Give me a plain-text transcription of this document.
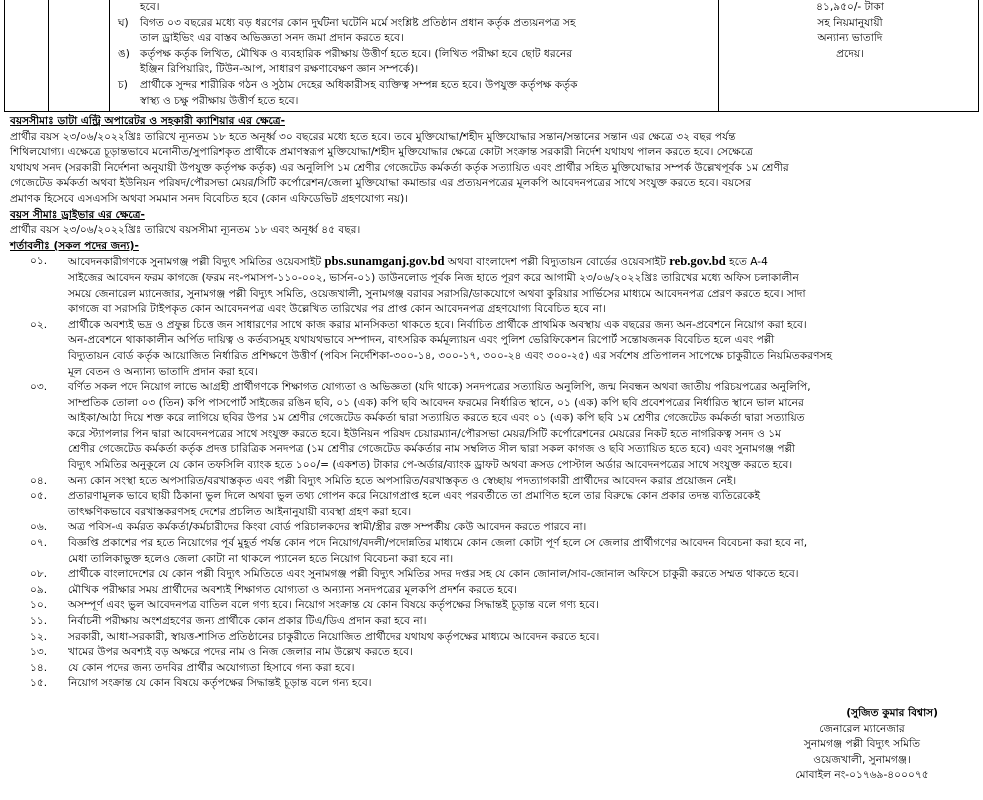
হবে।
ঘ) বিগত ০৩ বছরের মধ্যে বড় ধরণের কোন দুর্ঘটনা ঘটেনি মর্মে সংশ্লিষ্ট প্রতিষ্ঠান প্রধান কর্তৃক প্রত্যয়নপত্র সহ
তাল ড্রাইভিং এর বাস্তব অভিজ্ঞতা সনদ জমা প্রদান করতে হবে।
ঙ) কর্তৃপক্ষ কর্তৃক লিখিত, মৌখিক ও ব্যবহারিক পরীক্ষায় উত্তীর্ণ হতে হবে। (লিখিত পরীক্ষা হবে ছোট ধরনের
ইঞ্জিন রিপিয়ারিং, টিউন-আপ, সাধারণ রক্ষণাবেক্ষণ জ্ঞান সম্পর্কে)।
চ) প্রার্থীকে সুন্দর শারীরিক গঠন ও সুঠাম দেহের অধিকারীসহ ব্যক্তিত্ব সম্পন্ন হতে হবে। উপযুক্ত কর্তৃপক্ষ কর্তৃক
স্বাস্থ্য ও চক্ষু পরীক্ষায় উত্তীর্ণ হতে হবে।
৪১,৯৫০/- টাকা
সহ নিয়মানুযায়ী
অন্যান্য ভাতাদি
প্রদেয়।
বয়সসীমাঃ ডাটা এন্ট্রি অপারেটর ও সহকারী ক্যাশিয়ার এর ক্ষেত্রে-
প্রার্থীর বয়স ২৩/০৬/২০২২খ্রিঃ তারিখে ন্যূনতম ১৮ হতে অনূর্ধ্ব ৩০ বছরের মধ্যে হতে হবে। তবে মুক্তিযোদ্ধা/শহীদ মুক্তিযোদ্ধার সন্তান/সন্তানের সন্তান এর ক্ষেত্রে ৩২ বছর পর্যন্ত
শিথিলযোগ্য। এক্ষেত্রে চূড়ান্তভাবে মনোনীত/সুপারিশকৃত প্রার্থীকে প্রমাণস্বরূপ মুক্তিযোদ্ধা/শহীদ মুক্তিযোদ্ধার ক্ষেত্রে কোটা সংক্রান্ত সরকারী নির্দেশ যথাযথ পালন করতে হবে। সেক্ষেত্রে
যথাযথ সনদ (সরকারী নির্দেশনা অনুযায়ী উপযুক্ত কর্তৃপক্ষ কর্তৃক) এর অনুলিপি ১ম শ্রেণীর গেজেটেড কর্মকর্তা কর্তৃক সত্যায়িত এবং প্রার্থীর সহিত মুক্তিযোদ্ধার সম্পর্ক উল্লেখপূর্বক ১ম শ্রেণীর
গেজেটেড কর্মকর্তা অথবা ইউনিয়ন পরিষদ/পৌরসভা মেয়র/সিটি কর্পোরেশন/জেলা মুক্তিযোদ্ধা কমান্ডার এর প্রত্যয়নপত্রের মূলকপি আবেদনপত্রের সাথে সংযুক্ত করতে হবে। বয়সের
প্রমাণক হিসেবে এসএসসি অথবা সমমান সনদ বিবেচিত হবে (কোন এফিডেভিট গ্রহণযোগ্য নয়)।
বয়স সীমাঃ ড্রাইভার এর ক্ষেত্রে-
প্রার্থীর বয়স ২৩/০৬/২০২২খ্রিঃ তারিখে বয়সসীমা ন্যূনতম ১৮ এবং অনূর্ধ্ব ৪৫ বছর।
শর্তাবলীঃ (সকল পদের জন্য)-
০১. আবেদনকারীগণকে সুনামগঞ্জ পল্লী বিদ্যুৎ সমিতির ওয়েবসাইট pbs.sunamganj.gov.bd অথবা বাংলাদেশ পল্লী বিদ্যুতায়ন বোর্ডের ওয়েবসাইট reb.gov.bd হতে A-4
সাইজের আবেদন ফরম কাগজে (ফরম নং-পমাসপ-১১০-০০২, ভার্সন-০১) ডাউনলোড পূর্বক নিজ হাতে পূরণ করে আগামী ২৩/০৬/২০২২খ্রিঃ তারিখের মধ্যে অফিস চলাকালীন
সময়ে জেনারেল ম্যানেজার, সুনামগঞ্জ পল্লী বিদ্যুৎ সমিতি, ওয়েজখালী, সুনামগঞ্জ বরাবর সরাসরি/ডাকযোগে অথবা কুরিয়ার সার্ভিসের মাধ্যমে আবেদনপত্র প্রেরণ করতে হবে। সাদা
কাগজে বা সরাসরি টাইপকৃত কোন আবেদনপত্র এবং উল্লেখিত তারিখের পর প্রাপ্ত কোন আবেদনপত্র গ্রহণযোগ্য বিবেচিত হবে না।
০২. প্রার্থীকে অবশ্যই ভদ্র ও প্রফুল্ল চিত্তে জন সাধারণের সাথে কাজ করার মানসিকতা থাকতে হবে। নির্বাচিত প্রার্থীকে প্রাথমিক অবস্থায় এক বছরের জন্য অন-প্রবেশনে নিয়োগ করা হবে।
অন-প্রবেশনে থাকাকালীন অর্পিত দায়িত্ব ও কর্তব্যসমূহ যথাযথভাবে সম্পাদন, বাৎসরিক কর্মমূল্যায়ন এবং পুলিশ ভেরিফিকেশন রিপোর্ট সন্তোষজনক বিবেচিত হলে এবং পল্লী
বিদ্যুতায়ন বোর্ড কর্তৃক আয়োজিত নির্ধারিত প্রশিক্ষণে উত্তীর্ণ (পবিস নির্দেশিকা-৩০০-১৪, ৩০০-১৭, ৩০০-২৪ এবং ৩০০-২৫) এর সর্বশেষ প্রতিপালন সাপেক্ষে চাকুরীতে নিয়মিতকরণসহ
মূল বেতন ও অন্যান্য ভাতাদি প্রদান করা হবে।
০৩. বর্ণিত সকল পদে নিয়োগ লাভে আগ্রহী প্রার্থীগণকে শিক্ষাগত যোগ্যতা ও অভিজ্ঞতা (যদি থাকে) সনদপত্রের সত্যায়িত অনুলিপি, জন্ম নিবন্ধন অথবা জাতীয় পরিচয়পত্রের অনুলিপি,
সাম্প্রতিক তোলা ০৩ (তিন) কপি পাসপোর্ট সাইজের রঙিন ছবি, ০১ (এক) কপি ছবি আবেদন ফরমের নির্ধারিত স্থানে, ০১ (এক) কপি ছবি প্রবেশপত্রের নির্ধারিত স্থানে ভাল মানের
আইকা/আঠা দিয়ে শক্ত করে লাগিয়ে ছবির উপর ১ম শ্রেণীর গেজেটেড কর্মকর্তা দ্বারা সত্যায়িত করতে হবে এবং ০১ (এক) কপি ছবি ১ম শ্রেণীর গেজেটেড কর্মকর্তা দ্বারা সত্যায়িত
করে স্ট্যাপলার পিন দ্বারা আবেদনপত্রের সাথে সংযুক্ত করতে হবে। ইউনিয়ন পরিষদ চেয়ারম্যান/পৌরসভা মেয়র/সিটি কর্পোরেশনের মেয়রের নিকট হতে নাগরিকত্ব সনদ ও ১ম
শ্রেণীর গেজেটেড কর্মকর্তা কর্তৃক প্রদত্ত চারিত্রিক সনদপত্র (১ম শ্রেণীর গেজেটেড কর্মকর্তার নাম সম্বলিত সীল দ্বারা সকল কাগজ ও ছবি সত্যায়িত হতে হবে) এবং সুনামগঞ্জ পল্লী
বিদ্যুৎ সমিতির অনুকূলে যে কোন তফসিলি ব্যাংক হতে ১০০/= (একশত) টাকার পে-অর্ডার/ব্যাংক ড্রাফট অথবা ক্রসড পোস্টাল অর্ডার আবেদনপত্রের সাথে সংযুক্ত করতে হবে।
০৪. অন্য কোন সংস্থা হতে অপসারিত/বরখাস্তকৃত এবং পল্লী বিদ্যুৎ সমিতি হতে অপসারিত/বরখাস্তকৃত ও স্বেচ্ছায় পদত্যাগকারী প্রার্থীদের আবেদন করার প্রয়োজন নেই।
০৫. প্রতারণামূলক ভাবে ছায়ী ঠিকানা ভুল দিলে অথবা ভুল তথ্য গোপন করে নিয়োগপ্রাপ্ত হলে এবং পরবর্তীতে তা প্রমাণিত হলে তার বিরুদ্ধে কোন প্রকার তদন্ত ব্যতিরেকেই
তাৎক্ষণিকভাবে বরখাস্তকরণসহ দেশের প্রচলিত আইনানুযায়ী ব্যবস্থা গ্রহণ করা হবে।
০৬. অত্র পবিস-এ কর্মরত কর্মকর্তা/কর্মচারীদের কিংবা বোর্ড পরিচালকদের স্বামী/স্ত্রীর রক্ত সম্পর্কীয় কেউ আবেদন করতে পারবে না।
০৭. বিজ্ঞপ্তি প্রকাশের পর হতে নিয়োগের পূর্ব মুহূর্ত পর্যন্ত কোন পদে নিয়োগ/বদলী/পদোন্নতির মাধ্যমে কোন জেলা কোটা পূর্ণ হলে সে জেলার প্রার্থীগণের আবেদন বিবেচনা করা হবে না,
মেধা তালিকাভুক্ত হলেও জেলা কোটা না থাকলে প্যানেল হতে নিয়োগ বিবেচনা করা হবে না।
০৮. প্রার্থীকে বাংলাদেশের যে কোন পল্লী বিদ্যুৎ সমিতিতে এবং সুনামগঞ্জ পল্লী বিদ্যুৎ সমিতির সদর দপ্তর সহ যে কোন জোনাল/সাব-জোনাল অফিসে চাকুরী করতে সম্মত থাকতে হবে।
০৯. মৌখিক পরীক্ষার সময় প্রার্থীদের অবশ্যই শিক্ষাগত যোগ্যতা ও অন্যান্য সনদপত্রের মূলকপি প্রদর্শন করতে হবে।
১০. অসম্পূর্ণ এবং ভুল আবেদনপত্র বাতিল বলে গণ্য হবে। নিয়োগ সংক্রান্ত যে কোন বিষয়ে কর্তৃপক্ষের সিদ্ধান্তই চূড়ান্ত বলে গণ্য হবে।
১১. নির্বাচনী পরীক্ষায় অংশগ্রহণের জন্য প্রার্থীকে কোন প্রকার টিএ/ডিএ প্রদান করা হবে না।
১২. সরকারী, আধা-সরকারী, স্বায়ত্ত-শাসিত প্রতিষ্ঠানের চাকুরীতে নিয়োজিত প্রার্থীদের যথাযথ কর্তৃপক্ষের মাধ্যমে আবেদন করতে হবে।
১৩. খামের উপর অবশ্যই বড় অক্ষরে পদের নাম ও নিজ জেলার নাম উল্লেখ করতে হবে।
১৪. যে কোন পদের জন্য তদবির প্রার্থীর অযোগ্যতা হিসাবে গন্য করা হবে।
১৫. নিয়োগ সংক্রান্ত যে কোন বিষয়ে কর্তৃপক্ষের সিদ্ধান্তই চূড়ান্ত বলে গন্য হবে।
(সুজিত কুমার বিশ্বাস)
জেনারেল ম্যানেজার
সুনামগঞ্জ পল্লী বিদ্যুৎ সমিতি
ওয়েজখালী, সুনামগঞ্জ।
মোবাইল নং-০১৭৬৯-৪০০০৭৫
